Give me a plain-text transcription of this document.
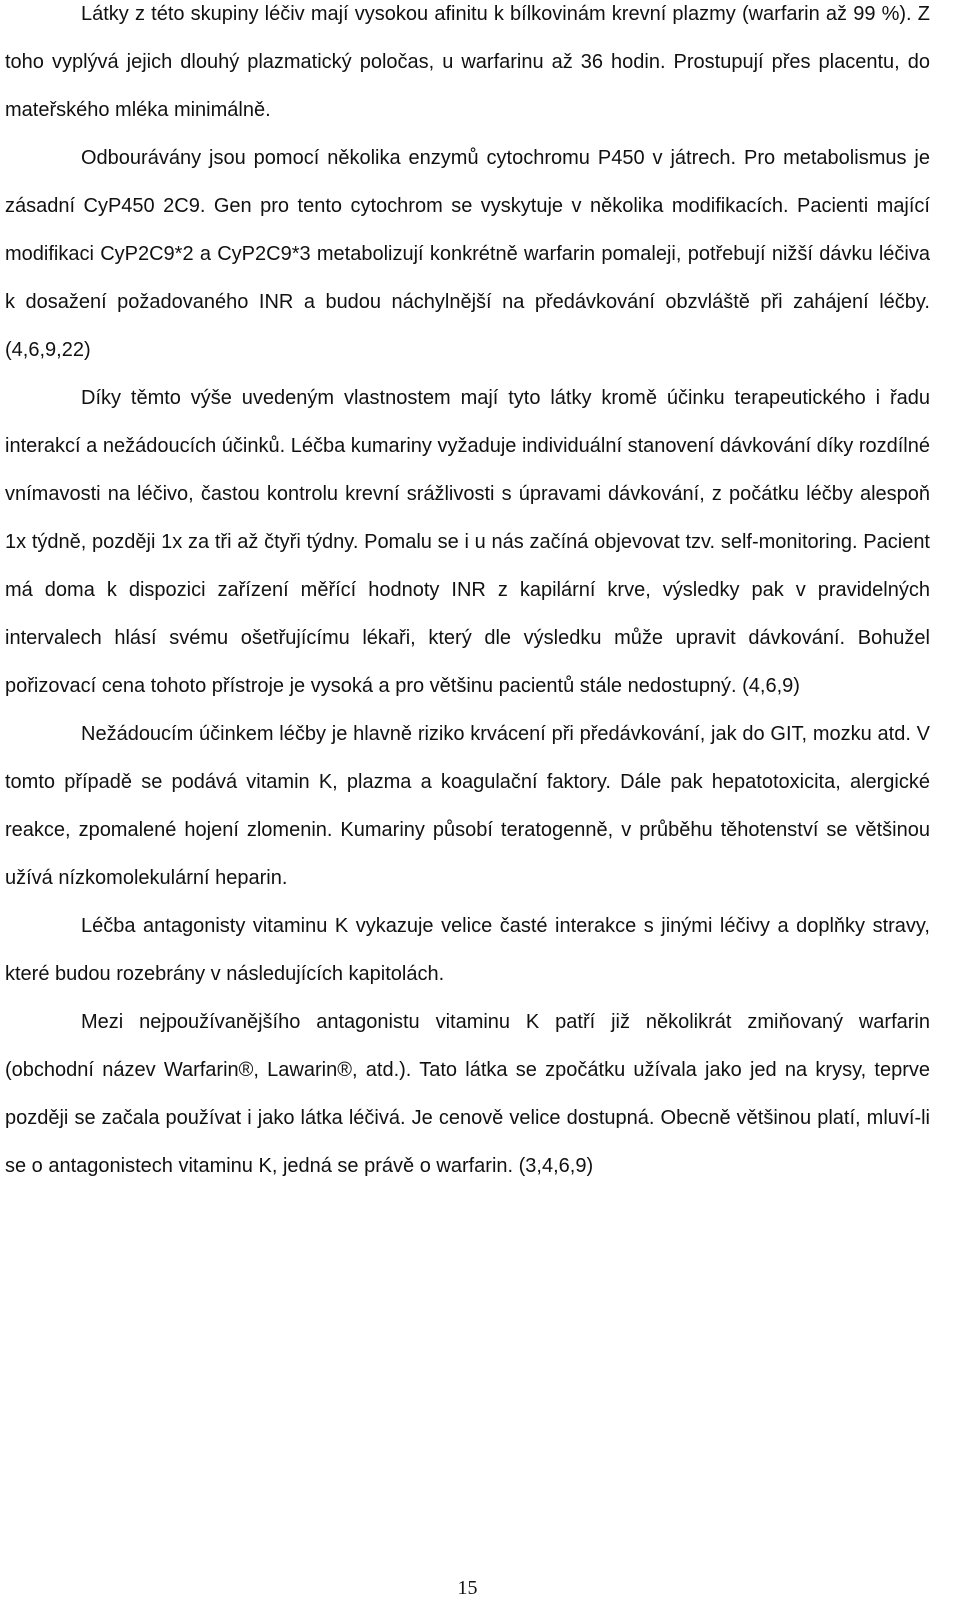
Látky z této skupiny léčiv mají vysokou afinitu k bílkovinám krevní plazmy (warfarin až 99 %). Z toho vyplývá jejich dlouhý plazmatický poločas, u warfarinu až 36 hodin. Prostupují přes placentu, do mateřského mléka minimálně.

Odbourávány jsou pomocí několika enzymů cytochromu P450 v játrech. Pro metabolismus je zásadní CyP450 2C9. Gen pro tento cytochrom se vyskytuje v několika modifikacích. Pacienti mající modifikaci CyP2C9*2 a CyP2C9*3 metabolizují konkrétně warfarin pomaleji, potřebují nižší dávku léčiva k dosažení požadovaného INR a budou náchylnější na předávkování obzvláště při zahájení léčby. (4,6,9,22)

Díky těmto výše uvedeným vlastnostem mají tyto látky kromě účinku terapeutického i řadu interakcí a nežádoucích účinků. Léčba kumariny vyžaduje individuální stanovení dávkování díky rozdílné vnímavosti na léčivo, častou kontrolu krevní srážlivosti s úpravami dávkování, z počátku léčby alespoň 1x týdně, později 1x za tři až čtyři týdny. Pomalu se i u nás začíná objevovat tzv. self-monitoring. Pacient má doma k dispozici zařízení měřící hodnoty INR z kapilární krve, výsledky pak v pravidelných intervalech hlásí svému ošetřujícímu lékaři, který dle výsledku může upravit dávkování. Bohužel pořizovací cena tohoto přístroje je vysoká a pro většinu pacientů stále nedostupný. (4,6,9)

Nežádoucím účinkem léčby je hlavně riziko krvácení při předávkování, jak do GIT, mozku atd. V tomto případě se podává vitamin K, plazma a koagulační faktory. Dále pak hepatotoxicita, alergické reakce, zpomalené hojení zlomenin. Kumariny působí teratogenně, v průběhu těhotenství se většinou užívá nízkomolekulární heparin.

Léčba antagonisty vitaminu K vykazuje velice časté interakce s jinými léčivy a doplňky stravy, které budou rozebrány v následujících kapitolách.

Mezi nejpoužívanějšího antagonistu vitaminu K patří již několikrát zmiňovaný warfarin (obchodní název Warfarin®, Lawarin®, atd.). Tato látka se zpočátku užívala jako jed na krysy, teprve později se začala používat i jako látka léčivá. Je cenově velice dostupná. Obecně většinou platí, mluví-li se o antagonistech vitaminu K, jedná se právě o warfarin. (3,4,6,9)

15
